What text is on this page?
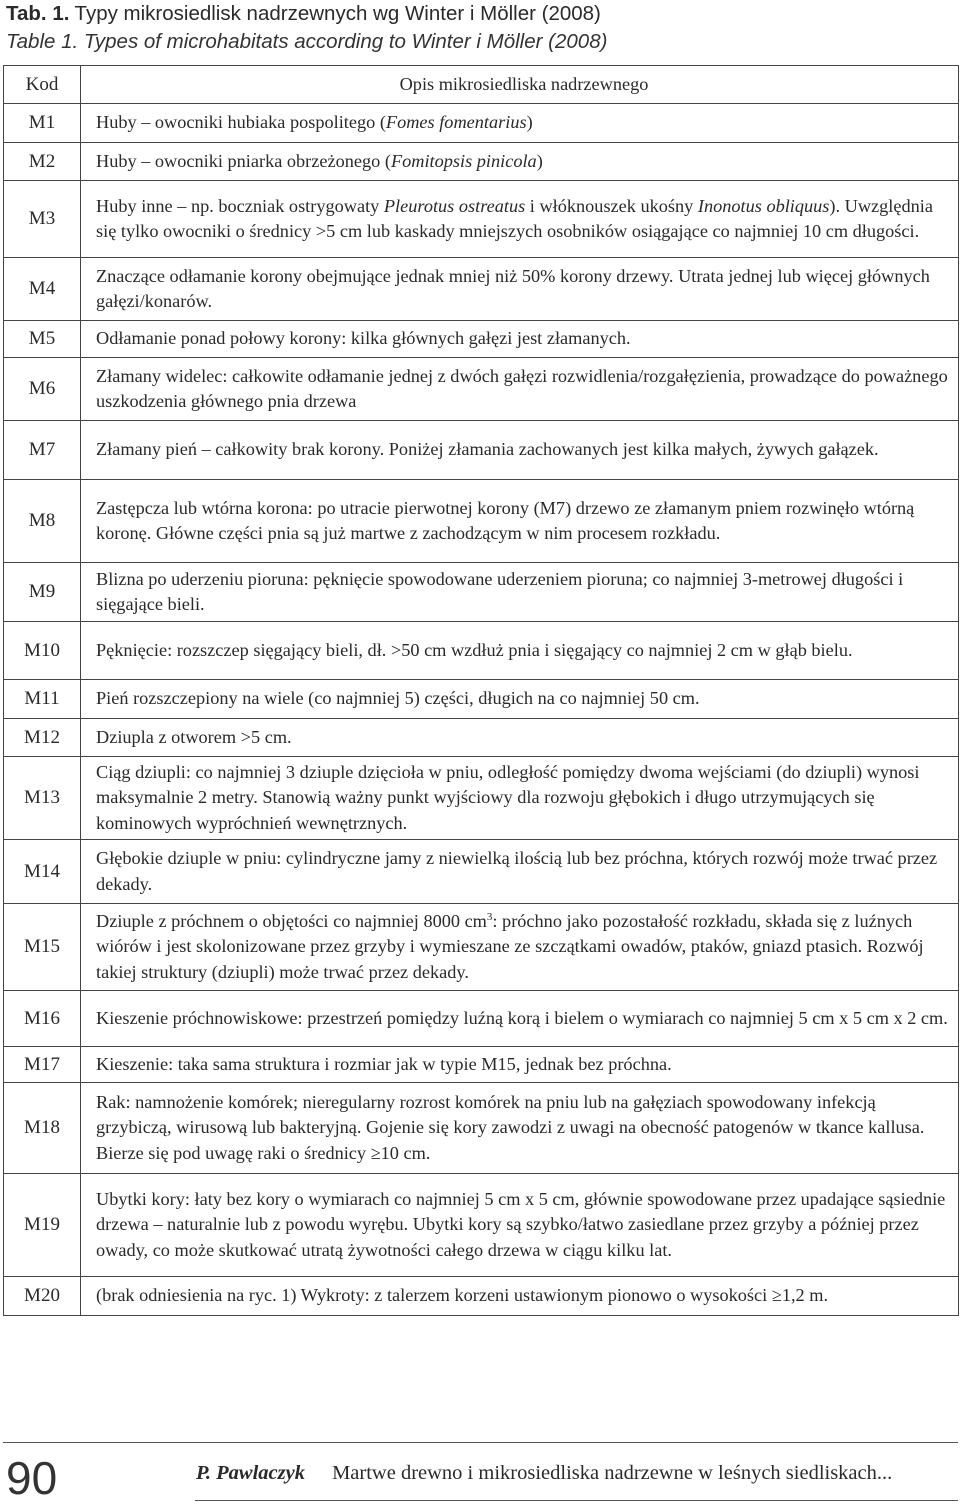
Tab. 1. Typy mikrosiedlisk nadrzewnych wg Winter i Möller (2008)
Table 1. Types of microhabitats according to Winter i Möller (2008)
Kod	Opis mikrosiedliska nadrzewnego
M1	Huby – owocniki hubiaka pospolitego (Fomes fomentarius)
M2	Huby – owocniki pniarka obrzeżonego (Fomitopsis pinicola)
M3	Huby inne – np. boczniak ostrygowaty Pleurotus ostreatus i włóknouszek ukośny Inonotus obliquus). Uwzględnia się tylko owocniki o średnicy >5 cm lub kaskady mniejszych osobników osiągające co najmniej 10 cm długości.
M4	Znaczące odłamanie korony obejmujące jednak mniej niż 50% korony drzewy. Utrata jednej lub więcej głównych gałęzi/konarów.
M5	Odłamanie ponad połowy korony: kilka głównych gałęzi jest złamanych.
M6	Złamany widelec: całkowite odłamanie jednej z dwóch gałęzi rozwidlenia/rozgałęzienia, prowadzące do poważnego uszkodzenia głównego pnia drzewa
M7	Złamany pień – całkowity brak korony. Poniżej złamania zachowanych jest kilka małych, żywych gałązek.
M8	Zastępcza lub wtórna korona: po utracie pierwotnej korony (M7) drzewo ze złamanym pniem rozwinęło wtórną koronę. Główne części pnia są już martwe z zachodzącym w nim procesem rozkładu.
M9	Blizna po uderzeniu pioruna: pęknięcie spowodowane uderzeniem pioruna; co najmniej 3-metrowej długości i sięgające bieli.
M10	Pęknięcie: rozszczep sięgający bieli, dł. >50 cm wzdłuż pnia i sięgający co najmniej 2 cm w głąb bielu.
M11	Pień rozszczepiony na wiele (co najmniej 5) części, długich na co najmniej 50 cm.
M12	Dziupla z otworem >5 cm.
M13	Ciąg dziupli: co najmniej 3 dziuple dzięcioła w pniu, odległość pomiędzy dwoma wejściami (do dziupli) wynosi maksymalnie 2 metry. Stanowią ważny punkt wyjściowy dla rozwoju głębokich i długo utrzymujących się kominowych wypróchnień wewnętrznych.
M14	Głębokie dziuple w pniu: cylindryczne jamy z niewielką ilością lub bez próchna, których rozwój może trwać przez dekady.
M15	Dziuple z próchnem o objętości co najmniej 8000 $cm^3$: próchno jako pozostałość rozkładu, składa się z luźnych wiórów i jest skolonizowane przez grzyby i wymieszane ze szczątkami owadów, ptaków, gniazd ptasich. Rozwój takiej struktury (dziupli) może trwać przez dekady.
M16	Kieszenie próchnowiskowe: przestrzeń pomiędzy luźną korą i bielem o wymiarach co najmniej 5 cm x 5 cm x 2 cm.
M17	Kieszenie: taka sama struktura i rozmiar jak w typie M15, jednak bez próchna.
M18	Rak: namnożenie komórek; nieregularny rozrost komórek na pniu lub na gałęziach spowodowany infekcją grzybiczą, wirusową lub bakteryjną. Gojenie się kory zawodzi z uwagi na obecność patogenów w tkance kallusa. Bierze się pod uwagę raki o średnicy ≥10 cm.
M19	Ubytki kory: łaty bez kory o wymiarach co najmniej 5 cm x 5 cm, głównie spowodowane przez upadające sąsiednie drzewa – naturalnie lub z powodu wyrębu. Ubytki kory są szybko/łatwo zasiedlane przez grzyby a później przez owady, co może skutkować utratą żywotności całego drzewa w ciągu kilku lat.
M20	(brak odniesienia na ryc. 1) Wykroty: z talerzem korzeni ustawionym pionowo o wysokości ≥1,2 m.
90	P. Pawlaczyk Martwe drewno i mikrosiedliska nadrzewne w leśnych siedliskach...
